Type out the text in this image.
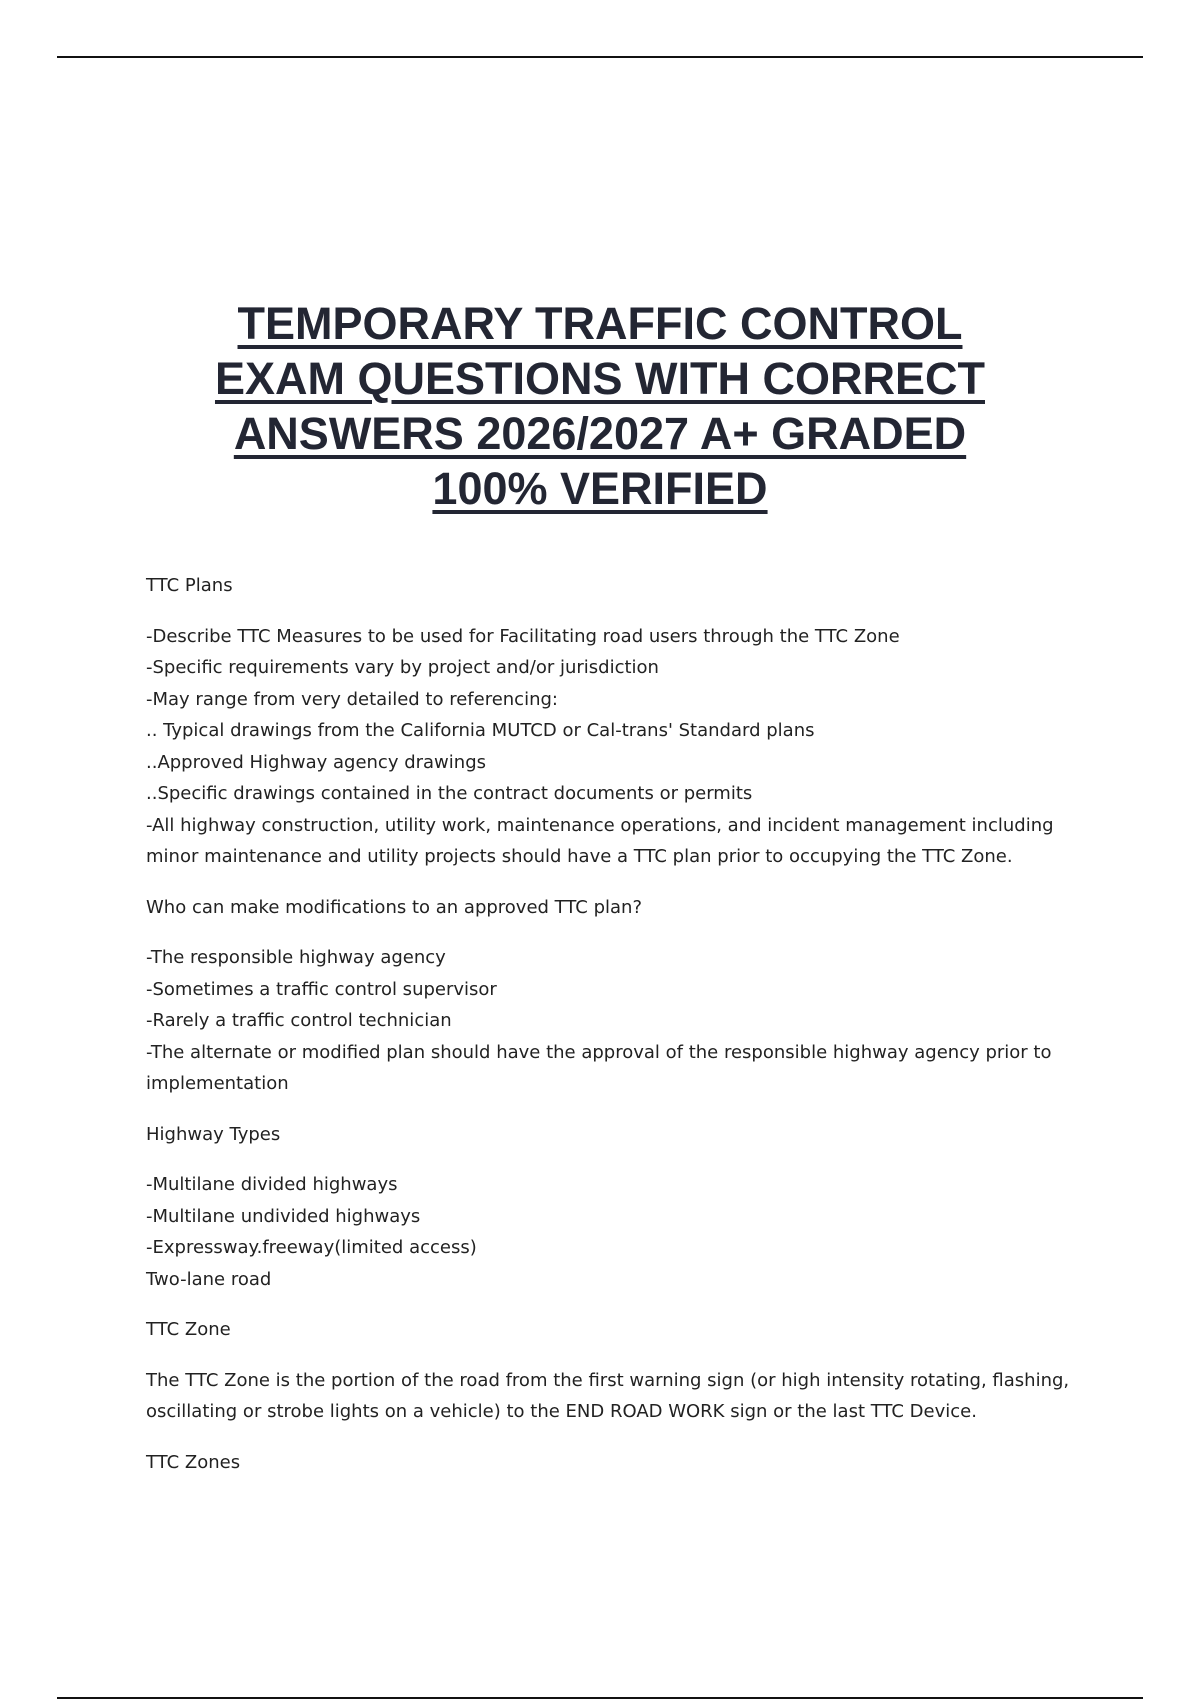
TEMPORARY TRAFFIC CONTROL
EXAM QUESTIONS WITH CORRECT
ANSWERS 2026/2027 A+ GRADED
100% VERIFIED

TTC Plans

-Describe TTC Measures to be used for Facilitating road users through the TTC Zone
-Specific requirements vary by project and/or jurisdiction
-May range from very detailed to referencing:
.. Typical drawings from the California MUTCD or Cal-trans' Standard plans
..Approved Highway agency drawings
..Specific drawings contained in the contract documents or permits
-All highway construction, utility work, maintenance operations, and incident management including minor maintenance and utility projects should have a TTC plan prior to occupying the TTC Zone.

Who can make modifications to an approved TTC plan?

-The responsible highway agency
-Sometimes a traffic control supervisor
-Rarely a traffic control technician
-The alternate or modified plan should have the approval of the responsible highway agency prior to implementation

Highway Types

-Multilane divided highways
-Multilane undivided highways
-Expressway.freeway(limited access)
Two-lane road

TTC Zone

The TTC Zone is the portion of the road from the first warning sign (or high intensity rotating, flashing, oscillating or strobe lights on a vehicle) to the END ROAD WORK sign or the last TTC Device.

TTC Zones
